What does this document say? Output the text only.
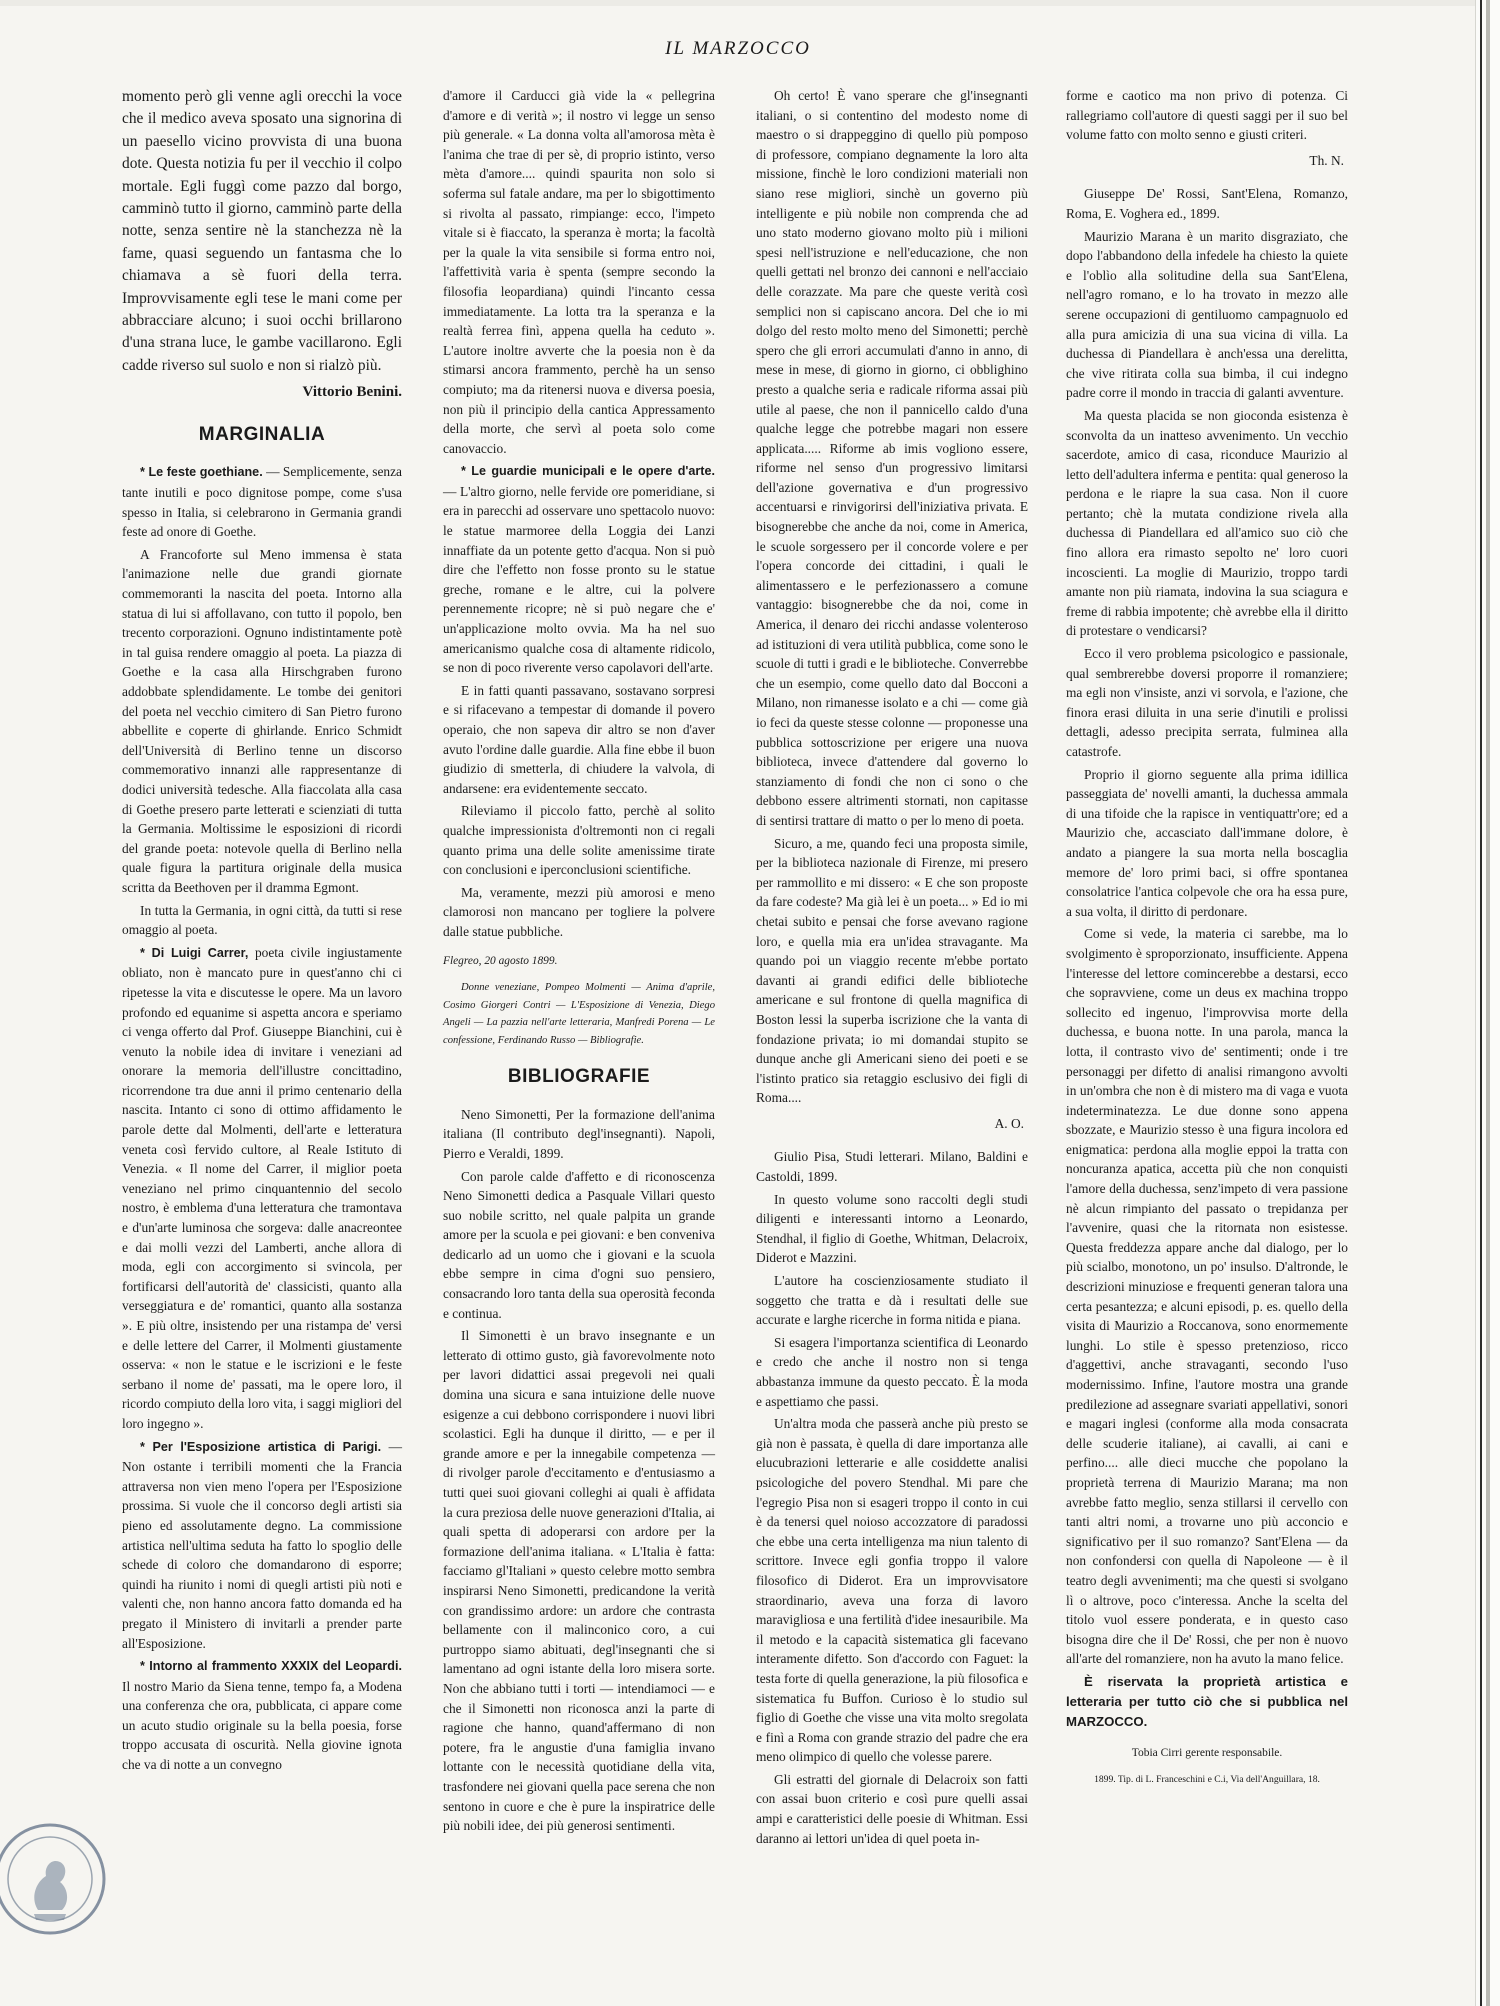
IL MARZOCCO

momento però gli venne agli orecchi la voce che il medico aveva sposato una signorina di un paesello vicino provvista di una buona dote. Questa notizia fu per il vecchio il colpo mortale. Egli fuggì come pazzo dal borgo, camminò tutto il giorno, camminò parte della notte, senza sentire nè la stanchezza nè la fame, quasi seguendo un fantasma che lo chiamava a sè fuori della terra. Improvvisamente egli tese le mani come per abbracciare alcuno; i suoi occhi brillarono d'una strana luce, le gambe vacillarono. Egli cadde riverso sul suolo e non si rialzò più.

Vittorio Benini.
MARGINALIA

* Le feste goethiane. — Semplicemente, senza tante inutili e poco dignitose pompe, come s'usa spesso in Italia, si celebrarono in Germania grandi feste ad onore di Goethe.

A Francoforte sul Meno immensa è stata l'animazione nelle due grandi giornate commemoranti la nascita del poeta. Intorno alla statua di lui si affollavano, con tutto il popolo, ben trecento corporazioni. Ognuno indistintamente potè in tal guisa rendere omaggio al poeta. La piazza di Goethe e la casa alla Hirschgraben furono addobbate splendidamente. Le tombe dei genitori del poeta nel vecchio cimitero di San Pietro furono abbellite e coperte di ghirlande. Enrico Schmidt dell'Università di Berlino tenne un discorso commemorativo innanzi alle rappresentanze di dodici università tedesche. Alla fiaccolata alla casa di Goethe presero parte letterati e scienziati di tutta la Germania. Moltissime le esposizioni di ricordi del grande poeta: notevole quella di Berlino nella quale figura la partitura originale della musica scritta da Beethoven per il dramma Egmont.

In tutta la Germania, in ogni città, da tutti si rese omaggio al poeta.

* Di Luigi Carrer, poeta civile ingiustamente obliato, non è mancato pure in quest'anno chi ci ripetesse la vita e discutesse le opere. Ma un lavoro profondo ed equanime si aspetta ancora e speriamo ci venga offerto dal Prof. Giuseppe Bianchini, cui è venuto la nobile idea di invitare i veneziani ad onorare la memoria dell'illustre concittadino, ricorrendone tra due anni il primo centenario della nascita. Intanto ci sono di ottimo affidamento le parole dette dal Molmenti, dell'arte e letteratura veneta così fervido cultore, al Reale Istituto di Venezia. « Il nome del Carrer, il miglior poeta veneziano nel primo cinquantennio del secolo nostro, è emblema d'una letteratura che tramontava e d'un'arte luminosa che sorgeva: dalle anacreontee e dai molli vezzi del Lamberti, anche allora di moda, egli con accorgimento si svincola, per fortificarsi dell'autorità de' classicisti, quanto alla verseggiatura e de' romantici, quanto alla sostanza ». E più oltre, insistendo per una ristampa de' versi e delle lettere del Carrer, il Molmenti giustamente osserva: « non le statue e le iscrizioni e le feste serbano il nome de' passati, ma le opere loro, il ricordo compiuto della loro vita, i saggi migliori del loro ingegno ».

* Per l'Esposizione artistica di Parigi. — Non ostante i terribili momenti che la Francia attraversa non vien meno l'opera per l'Esposizione prossima. Si vuole che il concorso degli artisti sia pieno ed assolutamente degno. La commissione artistica nell'ultima seduta ha fatto lo spoglio delle schede di coloro che domandarono di esporre; quindi ha riunito i nomi di quegli artisti più noti e valenti che, non hanno ancora fatto domanda ed ha pregato il Ministero di invitarli a prender parte all'Esposizione.

* Intorno al frammento XXXIX del Leopardi. Il nostro Mario da Siena tenne, tempo fa, a Modena una conferenza che ora, pubblicata, ci appare come un acuto studio originale su la bella poesia, forse troppo accusata di oscurità. Nella giovine ignota che va di notte a un convegno

d'amore il Carducci già vide la « pellegrina d'amore e di verità »; il nostro vi legge un senso più generale. « La donna volta all'amorosa mèta è l'anima che trae di per sè, di proprio istinto, verso mèta d'amore.... quindi spaurita non solo si soferma sul fatale andare, ma per lo sbigottimento si rivolta al passato, rimpiange: ecco, l'impeto vitale si è fiaccato, la speranza è morta; la facoltà per la quale la vita sensibile si forma entro noi, l'affettività varia è spenta (sempre secondo la filosofia leopardiana) quindi l'incanto cessa immediatamente. La lotta tra la speranza e la realtà ferrea finì, appena quella ha ceduto ». L'autore inoltre avverte che la poesia non è da stimarsi ancora frammento, perchè ha un senso compiuto; ma da ritenersi nuova e diversa poesia, non più il principio della cantica Appressamento della morte, che servì al poeta solo come canovaccio.

* Le guardie municipali e le opere d'arte. — L'altro giorno, nelle fervide ore pomeridiane, si era in parecchi ad osservare uno spettacolo nuovo: le statue marmoree della Loggia dei Lanzi innaffiate da un potente getto d'acqua. Non si può dire che l'effetto non fosse pronto su le statue greche, romane e le altre, cui la polvere perennemente ricopre; nè si può negare che e' un'applicazione molto ovvia. Ma ha nel suo americanismo qualche cosa di altamente ridicolo, se non di poco riverente verso capolavori dell'arte.

E in fatti quanti passavano, sostavano sorpresi e si rifacevano a tempestar di domande il povero operaio, che non sapeva dir altro se non d'aver avuto l'ordine dalle guardie. Alla fine ebbe il buon giudizio di smetterla, di chiudere la valvola, di andarsene: era evidentemente seccato.

Rileviamo il piccolo fatto, perchè al solito qualche impressionista d'oltremonti non ci regali quanto prima una delle solite amenissime tirate con conclusioni e iperconclusioni scientifiche.

Ma, veramente, mezzi più amorosi e meno clamorosi non mancano per togliere la polvere dalle statue pubbliche.

Flegreo, 20 agosto 1899.

Donne veneziane, Pompeo Molmenti — Anima d'aprile, Cosimo Giorgeri Contri — L'Esposizione di Venezia, Diego Angeli — La pazzia nell'arte letteraria, Manfredi Porena — Le confessione, Ferdinando Russo — Bibliografie.

BIBLIOGRAFIE

Neno Simonetti, Per la formazione dell'anima italiana (Il contributo degl'insegnanti). Napoli, Pierro e Veraldi, 1899.

Con parole calde d'affetto e di riconoscenza Neno Simonetti dedica a Pasquale Villari questo suo nobile scritto, nel quale palpita un grande amore per la scuola e pei giovani: e ben conveniva dedicarlo ad un uomo che i giovani e la scuola ebbe sempre in cima d'ogni suo pensiero, consacrando loro tanta della sua operosità feconda e continua.

Il Simonetti è un bravo insegnante e un letterato di ottimo gusto, già favorevolmente noto per lavori didattici assai pregevoli nei quali domina una sicura e sana intuizione delle nuove esigenze a cui debbono corrispondere i nuovi libri scolastici. Egli ha dunque il diritto, — e per il grande amore e per la innegabile competenza — di rivolger parole d'eccitamento e d'entusiasmo a tutti quei suoi giovani colleghi ai quali è affidata la cura preziosa delle nuove generazioni d'Italia, ai quali spetta di adoperarsi con ardore per la formazione dell'anima italiana. « L'Italia è fatta: facciamo gl'Italiani » questo celebre motto sembra inspirarsi Neno Simonetti, predicandone la verità con grandissimo ardore: un ardore che contrasta bellamente con il malinconico coro, a cui purtroppo siamo abituati, degl'insegnanti che si lamentano ad ogni istante della loro misera sorte. Non che abbiano tutti i torti — intendiamoci — e che il Simonetti non riconosca anzi la parte di ragione che hanno, quand'affermano di non potere, fra le angustie d'una famiglia invano lottante con le necessità quotidiane della vita, trasfondere nei giovani quella pace serena che non sentono in cuore e che è pure la inspiratrice delle più nobili idee, dei più generosi sentimenti.

Oh certo! È vano sperare che gl'insegnanti italiani, o si contentino del modesto nome di maestro o si drappeggino di quello più pomposo di professore, compiano degnamente la loro alta missione, finchè le loro condizioni materiali non siano rese migliori, sinchè un governo più intelligente e più nobile non comprenda che ad uno stato moderno giovano molto più i milioni spesi nell'istruzione e nell'educazione, che non quelli gettati nel bronzo dei cannoni e nell'acciaio delle corazzate. Ma pare che queste verità così semplici non si capiscano ancora. Del che io mi dolgo del resto molto meno del Simonetti; perchè spero che gli errori accumulati d'anno in anno, di mese in mese, di giorno in giorno, ci obblighino presto a qualche seria e radicale riforma assai più utile al paese, che non il pannicello caldo d'una qualche legge che potrebbe magari non essere applicata..... Riforme ab imis vogliono essere, riforme nel senso d'un progressivo limitarsi dell'azione governativa e d'un progressivo accentuarsi e rinvigorirsi dell'iniziativa privata. E bisognerebbe che anche da noi, come in America, le scuole sorgessero per il concorde volere e per l'opera concorde dei cittadini, i quali le alimentassero e le perfezionassero a comune vantaggio: bisognerebbe che da noi, come in America, il denaro dei ricchi andasse volenteroso ad istituzioni di vera utilità pubblica, come sono le scuole di tutti i gradi e le biblioteche. Converrebbe che un esempio, come quello dato dal Bocconi a Milano, non rimanesse isolato e a chi — come già io feci da queste stesse colonne — proponesse una pubblica sottoscrizione per erigere una nuova biblioteca, invece d'attendere dal governo lo stanziamento di fondi che non ci sono o che debbono essere altrimenti stornati, non capitasse di sentirsi trattare di matto o per lo meno di poeta.

Sicuro, a me, quando feci una proposta simile, per la biblioteca nazionale di Firenze, mi presero per rammollito e mi dissero: « E che son proposte da fare codeste? Ma già lei è un poeta... » Ed io mi chetai subito e pensai che forse avevano ragione loro, e quella mia era un'idea stravagante. Ma quando poi un viaggio recente m'ebbe portato davanti ai grandi edifici delle biblioteche americane e sul frontone di quella magnifica di Boston lessi la superba iscrizione che la vanta di fondazione privata; io mi domandai stupito se dunque anche gli Americani sieno dei poeti e se l'istinto pratico sia retaggio esclusivo dei figli di Roma....

A. O.

Giulio Pisa, Studi letterari. Milano, Baldini e Castoldi, 1899.

In questo volume sono raccolti degli studi diligenti e interessanti intorno a Leonardo, Stendhal, il figlio di Goethe, Whitman, Delacroix, Diderot e Mazzini.

L'autore ha coscienziosamente studiato il soggetto che tratta e dà i resultati delle sue accurate e larghe ricerche in forma nitida e piana.

Si esagera l'importanza scientifica di Leonardo e credo che anche il nostro non si tenga abbastanza immune da questo peccato. È la moda e aspettiamo che passi.

Un'altra moda che passerà anche più presto se già non è passata, è quella di dare importanza alle elucubrazioni letterarie e alle cosiddette analisi psicologiche del povero Stendhal. Mi pare che l'egregio Pisa non si esageri troppo il conto in cui è da tenersi quel noioso accozzatore di paradossi che ebbe una certa intelligenza ma niun talento di scrittore. Invece egli gonfia troppo il valore filosofico di Diderot. Era un improvvisatore straordinario, aveva una forza di lavoro maravigliosa e una fertilità d'idee inesauribile. Ma il metodo e la capacità sistematica gli facevano interamente difetto. Son d'accordo con Faguet: la testa forte di quella generazione, la più filosofica e sistematica fu Buffon. Curioso è lo studio sul figlio di Goethe che visse una vita molto sregolata e finì a Roma con grande strazio del padre che era meno olimpico di quello che volesse parere.

Gli estratti del giornale di Delacroix son fatti con assai buon criterio e così pure quelli assai ampi e caratteristici delle poesie di Whitman. Essi daranno ai lettori un'idea di quel poeta in-

forme e caotico ma non privo di potenza. Ci rallegriamo coll'autore di questi saggi per il suo bel volume fatto con molto senno e giusti criteri.

Th. N.

Giuseppe De' Rossi, Sant'Elena, Romanzo, Roma, E. Voghera ed., 1899.

Maurizio Marana è un marito disgraziato, che dopo l'abbandono della infedele ha chiesto la quiete e l'oblìo alla solitudine della sua Sant'Elena, nell'agro romano, e lo ha trovato in mezzo alle serene occupazioni di gentiluomo campagnuolo ed alla pura amicizia di una sua vicina di villa. La duchessa di Piandellara è anch'essa una derelitta, che vive ritirata colla sua bimba, il cui indegno padre corre il mondo in traccia di galanti avventure.

Ma questa placida se non gioconda esistenza è sconvolta da un inatteso avvenimento. Un vecchio sacerdote, amico di casa, riconduce Maurizio al letto dell'adultera inferma e pentita: qual generoso la perdona e le riapre la sua casa. Non il cuore pertanto; chè la mutata condizione rivela alla duchessa di Piandellara ed all'amico suo ciò che fino allora era rimasto sepolto ne' loro cuori incoscienti. La moglie di Maurizio, troppo tardi amante non più riamata, indovina la sua sciagura e freme di rabbia impotente; chè avrebbe ella il diritto di protestare o vendicarsi?

Ecco il vero problema psicologico e passionale, qual sembrerebbe doversi proporre il romanziere; ma egli non v'insiste, anzi vi sorvola, e l'azione, che finora erasi diluita in una serie d'inutili e prolissi dettagli, adesso precipita serrata, fulminea alla catastrofe.

Proprio il giorno seguente alla prima idillica passeggiata de' novelli amanti, la duchessa ammala di una tifoide che la rapisce in ventiquattr'ore; ed a Maurizio che, accasciato dall'immane dolore, è andato a piangere la sua morta nella boscaglia memore de' loro primi baci, si offre spontanea consolatrice l'antica colpevole che ora ha essa pure, a sua volta, il diritto di perdonare.

Come si vede, la materia ci sarebbe, ma lo svolgimento è sproporzionato, insufficiente. Appena l'interesse del lettore comincerebbe a destarsi, ecco che sopravviene, come un deus ex machina troppo sollecito ed ingenuo, l'improvvisa morte della duchessa, e buona notte. In una parola, manca la lotta, il contrasto vivo de' sentimenti; onde i tre personaggi per difetto di analisi rimangono avvolti in un'ombra che non è di mistero ma di vaga e vuota indeterminatezza. Le due donne sono appena sbozzate, e Maurizio stesso è una figura incolora ed enigmatica: perdona alla moglie eppoi la tratta con noncuranza apatica, accetta più che non conquisti l'amore della duchessa, senz'impeto di vera passione nè alcun rimpianto del passato o trepidanza per l'avvenire, quasi che la ritornata non esistesse. Questa freddezza appare anche dal dialogo, per lo più scialbo, monotono, un po' insulso. D'altronde, le descrizioni minuziose e frequenti generan talora una certa pesantezza; e alcuni episodi, p. es. quello della visita di Maurizio a Roccanova, sono enormemente lunghi. Lo stile è spesso pretenzioso, ricco d'aggettivi, anche stravaganti, secondo l'uso modernissimo. Infine, l'autore mostra una grande predilezione ad assegnare svariati appellativi, sonori e magari inglesi (conforme alla moda consacrata delle scuderie italiane), ai cavalli, ai cani e perfino.... alle dieci mucche che popolano la proprietà terrena di Maurizio Marana; ma non avrebbe fatto meglio, senza stillarsi il cervello con tanti altri nomi, a trovarne uno più acconcio e significativo per il suo romanzo? Sant'Elena — da non confondersi con quella di Napoleone — è il teatro degli avvenimenti; ma che questi si svolgano lì o altrove, poco c'interessa. Anche la scelta del titolo vuol essere ponderata, e in questo caso bisogna dire che il De' Rossi, che per non è nuovo all'arte del romanziere, non ha avuto la mano felice.

È riservata la proprietà artistica e letteraria per tutto ciò che si pubblica nel MARZOCCO.

Tobia Cirri gerente responsabile.
1899. Tip. di L. Franceschini e C.i, Via dell'Anguillara, 18.
